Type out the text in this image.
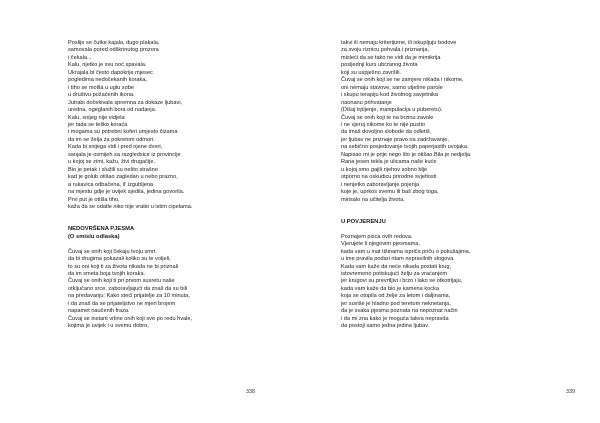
Poslije se čutke kajala, dugo plakala,
samovala pored odškrinutog prozora
i čekala...
Kalu, njetko je svu noć spavala.
Ukrajala bi često dapokrije mjesec
pogledima nedočekanih koraka,
i tiho se molila u uglu sobe
u društvu požaćenih ikona.
Jutrabi dočekivala spremna za dokaze ljubavi,
uredna, ogeglanih bora od nadanja.
Kalu, snijeg nije vidjela
jer tada se teško koraća
i mogama su potrebni koferi umjesto čizama
da im se želja za pokretom odmori.
Kada bi snijega vidi i pred njene dveri,
sanjala je osmijeh sa razgledsice iz provincije
u kojoj se zimi, kažu, živi drugačije.
Bio je petak i služili su nešto strašno
kad je golub otišao zagledan u nebo prazno,
a rukavica odbačena, il' izgubljena
na mjestu gdje je uvijek sjedila, jedina govorila.
Prvi put je otišla tiho,
kaža da se odatle niko nije vratio u istim cipelama.
NEDOVRŠENA PJESMA
(O smislu odlaska)
Čuvaj se onih koji čekaju tvoju smrt.
da bi drugima pokazali koliko su te voljeli,
to su oni koji ti za života nikada ne bi priznali
da im smeta boja tvojih koraka.
Čuvaj se onih koji ti pri prvom susretu naše
otključano srce, zaboravljajući da znaš da su bili
na predavanju: Kako steći prijatelje za 10 minuta,
i da znaš da se prijateljstvo ne mjeri brojem
napamet naučenih fraza.
Čuvaj se instant vrline onih koji sve po redu hvale,
kojima je uvijek i u svemu dobro,
338
takvi ili nemaju kriterijume, ili iskupljuju bodove
za svoju riznicu pohvala i priznanja,
misleći da se tako ne vidi da je mimikrija
posljednji kurs ubrzanog života
koji su uspješno završili.
Čuvaj se onih koji se ne zamjere nikada i nikome,
oni nemaju stavove, samo utješne parole
i skupu terapiju kod životnog savjetnika
naonanu prihvatanje
(Dišaj trpljenje, manipulacija u puberetu).
Čuvaj se onih koji te na brzinu zavole
i ne vjeruj nikome ko te nije pustio
da imaš dovoljno slobode da odletiš,
jer ljubav ne priznaje pravo na zadržavanje,
na sebično posjedovanje tvojih paperjastih uvojaka.
Napisao mi je prije nego što je otišao.Bila je nedjelja.
Rana jesen tekla je ulicama naše kuće
u kojoj smo gajili njehov sobno blje
otporno na oskudicu prirodne svjetlosti
i nenjetko zaboravljanje pojenja
koje je, uprkos svemu ili baš zbog toga,
mirisalo na učitelja života.
U POVJERENJU
Poznajem pisca ovih redova.
Vjerujete li njegovim pjesmama,
kada vam u inat tišinama ispriča priču o pokušajima,
u ime pravila podari ritam nepravilnih slogova.
Kada vam kaže da neće nikada postati krug,
istovremeno potiskujući želju za vraćanjem
jer krugovi su prevrtljivi i brzo i lako se otkotrljaju,
kada vam kaže da bio je kamena kocka
koja se otopila od želje za letom i daljinama,
jer suviše je hladno pod teretom neknetanja,
da je svaka pjesma poznata na nepoznat način
i da mi zna kako je moguća takva nepravda
da postoji samo jedna jedina ljubav
339
